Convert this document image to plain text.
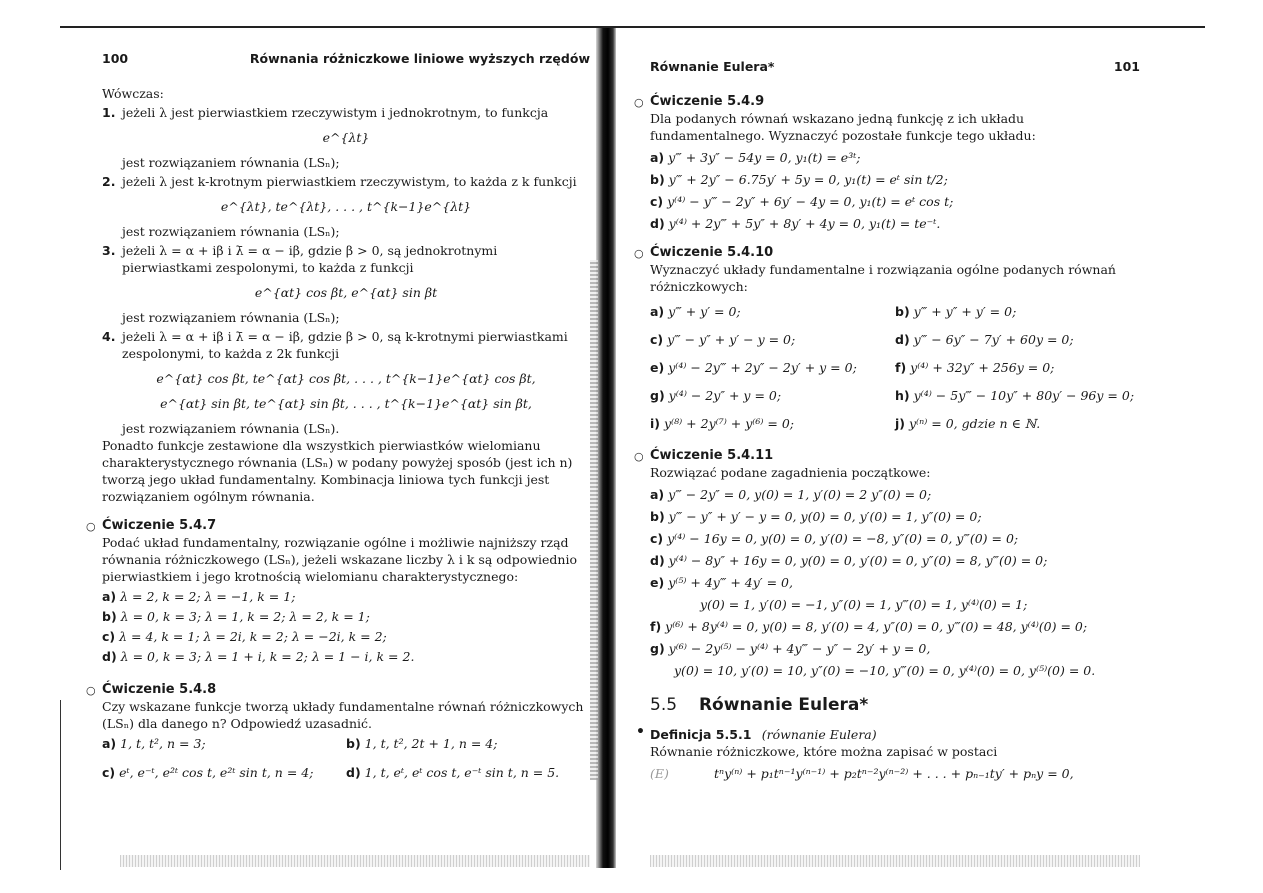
100	Równania różniczkowe liniowe wyższych rzędów
Wówczas:
1. jeżeli λ jest pierwiastkiem rzeczywistym i jednokrotnym, to funkcja
e^{λt}
jest rozwiązaniem równania (LSₙ);
2. jeżeli λ jest k-krotnym pierwiastkiem rzeczywistym, to każda z k funkcji
e^{λt}, te^{λt}, . . . , t^{k−1}e^{λt}
jest rozwiązaniem równania (LSₙ);
3. jeżeli λ = α + iβ i λ̄ = α − iβ, gdzie β > 0, są jednokrotnymi pierwiastkami zespolonymi, to każda z funkcji
e^{αt} cos βt, e^{αt} sin βt
jest rozwiązaniem równania (LSₙ);
4. jeżeli λ = α + iβ i λ̄ = α − iβ, gdzie β > 0, są k-krotnymi pierwiastkami zespolonymi, to każda z 2k funkcji
e^{αt} cos βt, te^{αt} cos βt, . . . , t^{k−1}e^{αt} cos βt,
e^{αt} sin βt, te^{αt} sin βt, . . . , t^{k−1}e^{αt} sin βt,
jest rozwiązaniem równania (LSₙ).
Ponadto funkcje zestawione dla wszystkich pierwiastków wielomianu charakterystycznego równania (LSₙ) w podany powyżej sposób (jest ich n) tworzą jego układ fundamentalny. Kombinacja liniowa tych funkcji jest rozwiązaniem ogólnym równania.
○ Ćwiczenie 5.4.7
Podać układ fundamentalny, rozwiązanie ogólne i możliwie najniższy rząd równania różniczkowego (LSₙ), jeżeli wskazane liczby λ i k są odpowiednio pierwiastkiem i jego krotnością wielomianu charakterystycznego:
a) λ = 2, k = 2; λ = −1, k = 1;
b) λ = 0, k = 3; λ = 1, k = 2; λ = 2, k = 1;
c) λ = 4, k = 1; λ = 2i, k = 2; λ = −2i, k = 2;
d) λ = 0, k = 3; λ = 1 + i, k = 2; λ = 1 − i, k = 2.
○ Ćwiczenie 5.4.8
Czy wskazane funkcje tworzą układy fundamentalne równań różniczkowych (LSₙ) dla danego n? Odpowiedź uzasadnić.
a) 1, t, t², n = 3;	b) 1, t, t², 2t + 1, n = 4;
c) eᵗ, e⁻ᵗ, e²ᵗ cos t, e²ᵗ sin t, n = 4;	d) 1, t, eᵗ, eᵗ cos t, e⁻ᵗ sin t, n = 5.
Równanie Eulera*	101
○ Ćwiczenie 5.4.9
Dla podanych równań wskazano jedną funkcję z ich układu fundamentalnego. Wyznaczyć pozostałe funkcje tego układu:
a) y‴ + 3y″ − 54y = 0, y₁(t) = e³ᵗ;
b) y‴ + 2y″ − 6.75y′ + 5y = 0, y₁(t) = eᵗ sin t/2;
c) y⁽⁴⁾ − y‴ − 2y″ + 6y′ − 4y = 0, y₁(t) = eᵗ cos t;
d) y⁽⁴⁾ + 2y‴ + 5y″ + 8y′ + 4y = 0, y₁(t) = te⁻ᵗ.
○ Ćwiczenie 5.4.10
Wyznaczyć układy fundamentalne i rozwiązania ogólne podanych równań różniczkowych:
a) y‴ + y′ = 0;	b) y‴ + y″ + y′ = 0;
c) y‴ − y″ + y′ − y = 0;	d) y‴ − 6y″ − 7y′ + 60y = 0;
e) y⁽⁴⁾ − 2y‴ + 2y″ − 2y′ + y = 0;	f) y⁽⁴⁾ + 32y″ + 256y = 0;
g) y⁽⁴⁾ − 2y″ + y = 0;	h) y⁽⁴⁾ − 5y‴ − 10y″ + 80y′ − 96y = 0;
i) y⁽⁸⁾ + 2y⁽⁷⁾ + y⁽⁶⁾ = 0;	j) y⁽ⁿ⁾ = 0, gdzie n ∈ ℕ.
○ Ćwiczenie 5.4.11
Rozwiązać podane zagadnienia początkowe:
a) y‴ − 2y″ = 0, y(0) = 1, y′(0) = 2 y″(0) = 0;
b) y‴ − y″ + y′ − y = 0, y(0) = 0, y′(0) = 1, y″(0) = 0;
c) y⁽⁴⁾ − 16y = 0, y(0) = 0, y′(0) = −8, y″(0) = 0, y‴(0) = 0;
d) y⁽⁴⁾ − 8y″ + 16y = 0, y(0) = 0, y′(0) = 0, y″(0) = 8, y‴(0) = 0;
e) y⁽⁵⁾ + 4y‴ + 4y′ = 0,
y(0) = 1, y′(0) = −1, y″(0) = 1, y‴(0) = 1, y⁽⁴⁾(0) = 1;
f) y⁽⁶⁾ + 8y⁽⁴⁾ = 0, y(0) = 8, y′(0) = 4, y″(0) = 0, y‴(0) = 48, y⁽⁴⁾(0) = 0;
g) y⁽⁶⁾ − 2y⁽⁵⁾ − y⁽⁴⁾ + 4y‴ − y″ − 2y′ + y = 0,
y(0) = 10, y′(0) = 10, y″(0) = −10, y‴(0) = 0, y⁽⁴⁾(0) = 0, y⁽⁵⁾(0) = 0.
5.5 Równanie Eulera*
• Definicja 5.5.1 (równanie Eulera)
Równanie różniczkowe, które można zapisać w postaci
(E)	tⁿy⁽ⁿ⁾ + p₁tⁿ⁻¹y⁽ⁿ⁻¹⁾ + p₂tⁿ⁻²y⁽ⁿ⁻²⁾ + . . . + pₙ₋₁ty′ + pₙy = 0,
